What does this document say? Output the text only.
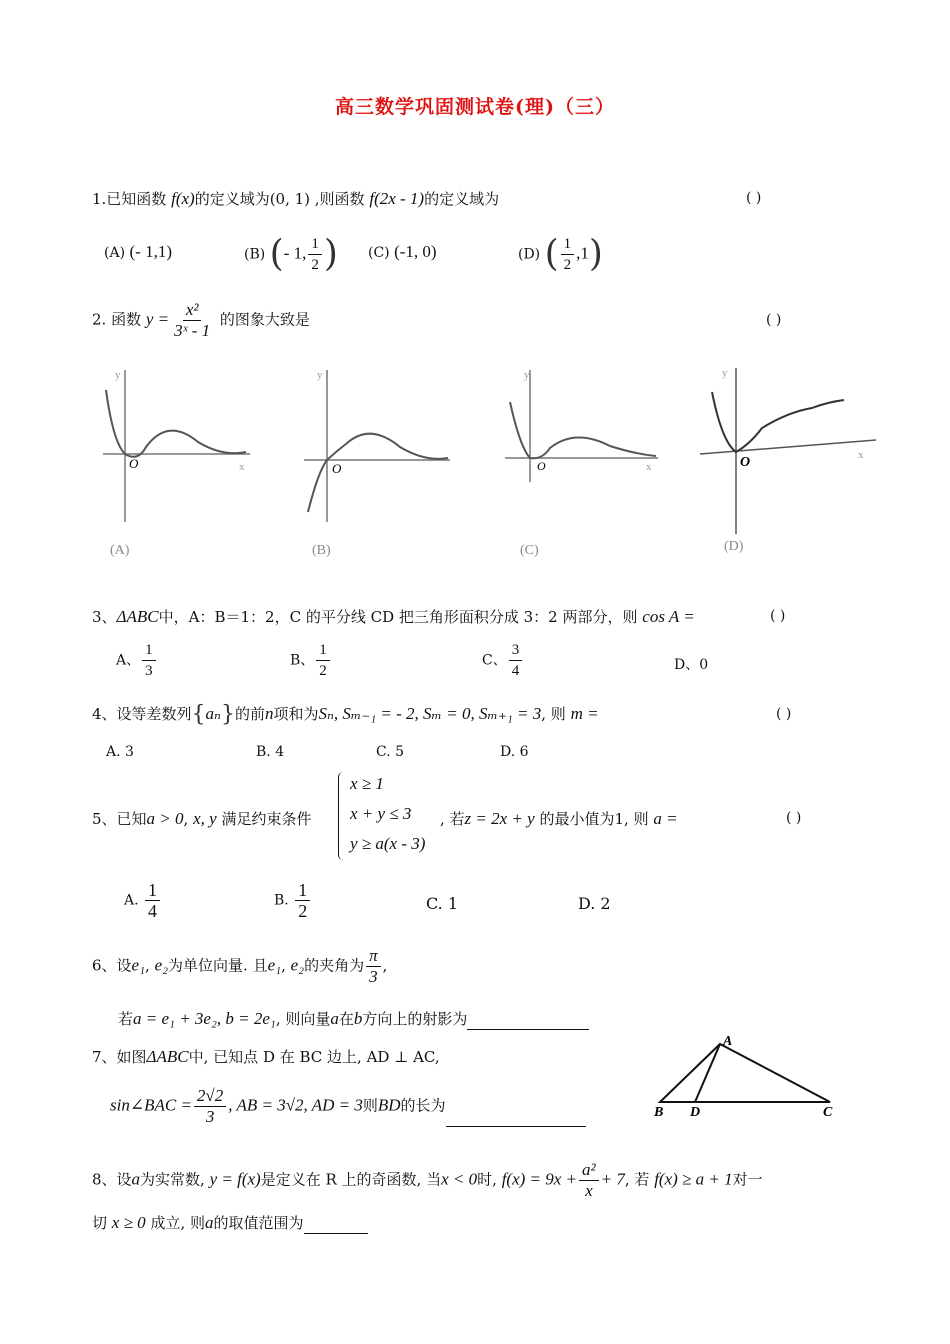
高三数学巩固测试卷(理)（三）
1.已知函数 f(x)的定义域为(0, 1) ,则函数 f(2x - 1)的定义域为	( )
(A) (- 1,1)	(B) (- 1, $\frac{1}{2}$ ) (C) (-1, 0)	(D) ( $\frac{1}{2} ,1$)
2. 函数 $y = \frac{\text{x²}}{\text{3ˣ - 1}}$ 的图象大致是	( )
O	x
y
(A)
O
y
(B)
O	x
y
(C)
O	x
y
(D)
3、ΔABC中，A：B＝1：2，C 的平分线 CD 把三角形面积分成 3：2 两部分，则 cos A =	( )
A、 $\frac{1}{3}$	B、 $\frac{1}{2}$	C、 $\frac{3}{4}$	D、0
4、设等差数列{aₙ}的前n项和为Sₙ, Sₘ₋₁ = - 2, Sₘ = 0, Sₘ₊₁ = 3, 则 m =	( )
A. 3	B. 4	C. 5	D. 6
5、已知a > 0, x, y 满足约束条件
x ≥ 1
x + y ≤ 3
y ≥ a(x - 3)
, 若z = 2x + y 的最小值为1, 则 a =	( )
A. $\frac{1}{4}$	B. $\frac{1}{2}$	C. 1	D. 2
6、设e₁, e₂为单位向量. 且e₁, e₂的夹角为 $\frac{\pi}{3}$ ,
若a = e₁ + 3e₂, b = 2e₁, 则向量a在b方向上的射影为
7、如图ΔABC中, 已知点 D 在 BC 边上, AD ⊥ AC,
sin∠BAC = $\frac{2√2}{3}$ , AB = 3√2, AD = 3则BD的长为
A
B D	C
8、设a为实常数, y = f(x)是定义在 R 上的奇函数, 当x < 0时, $f(x) = 9x + \frac{\text{a²}}{x} + 7$, 若 f(x) ≥ a + 1对一
切 x ≥ 0 成立, 则a的取值范围为
